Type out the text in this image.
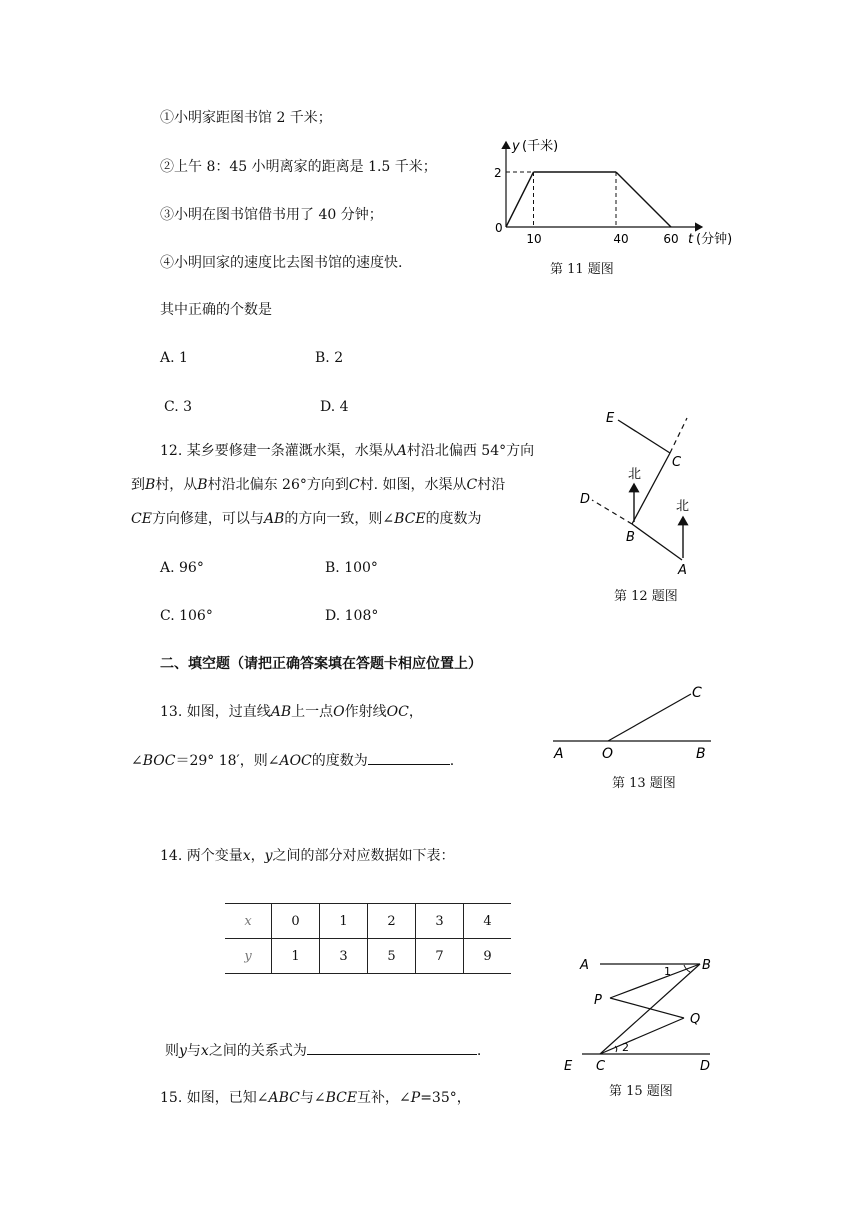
①小明家距图书馆 2 千米；
②上午 8：45 小明离家的距离是 1.5 千米；
③小明在图书馆借书用了 40 分钟；
④小明回家的速度比去图书馆的速度快.
其中正确的个数是
A. 1	B. 2
C. 3	D. 4
y (千米)
0
2
10	40	60 t (分钟)
第 11 题图
12. 某乡要修建一条灌溉水渠，水渠从A村沿北偏西 54°方向
到B村，从B村沿北偏东 26°方向到C村. 如图，水渠从C村沿
CE方向修建，可以与AB的方向一致，则∠BCE的度数为
A. 96°	B. 100°
C. 106°	D. 108°
E
C
D
B
A
北
北
第 12 题图
二、填空题（请把正确答案填在答题卡相应位置上）
13. 如图，过直线AB上一点O作射线OC，
∠BOC＝29° 18′，则∠AOC的度数为	.	A	O	B
C
第 13 题图
14. 两个变量x，y之间的部分对应数据如下表：
x	0	1	2	3	4
y	1	3	5	7	9
则y与x之间的关系式为	.
15. 如图，已知∠ABC与∠BCE互补，∠P=35°，
A	B
P
Q
E C	D
1
2
第 15 题图
